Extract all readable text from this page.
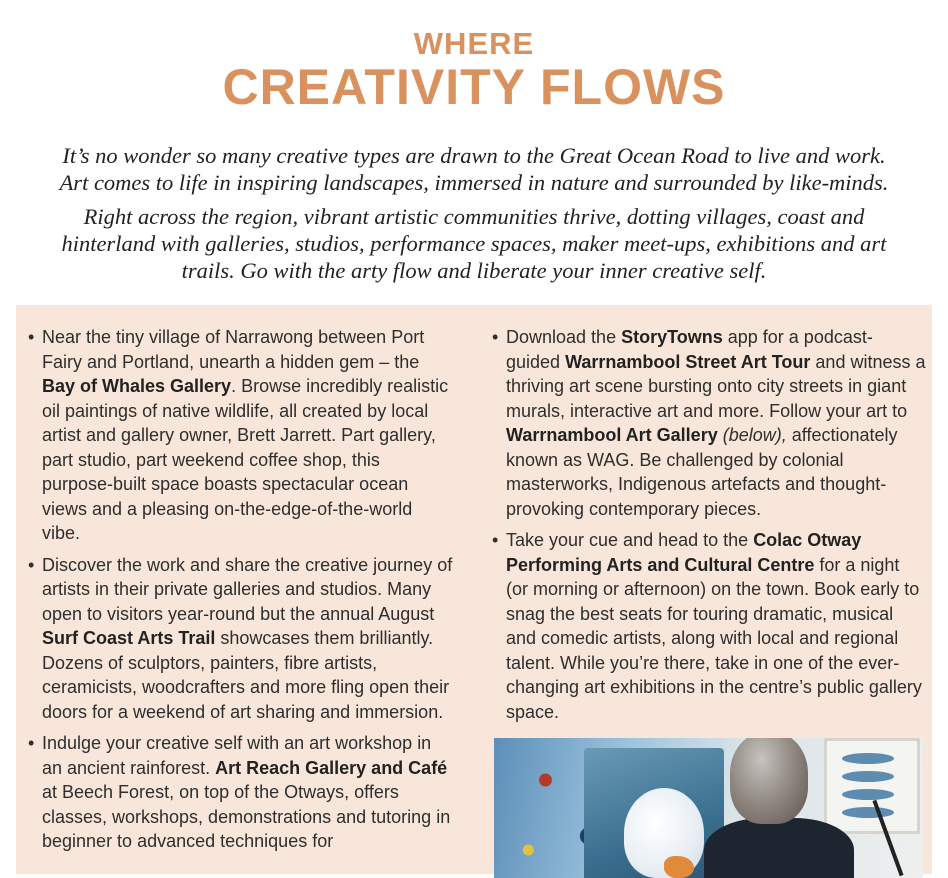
WHERE
CREATIVITY FLOWS

It’s no wonder so many creative types are drawn to the Great Ocean Road to live and work. Art comes to life in inspiring landscapes, immersed in nature and surrounded by like-minds.

Right across the region, vibrant artistic communities thrive, dotting villages, coast and hinterland with galleries, studios, performance spaces, maker meet-ups, exhibitions and art trails. Go with the arty flow and liberate your inner creative self.

• Near the tiny village of Narrawong between Port Fairy and Portland, unearth a hidden gem – the Bay of Whales Gallery. Browse incredibly realistic oil paintings of native wildlife, all created by local artist and gallery owner, Brett Jarrett. Part gallery, part studio, part weekend coffee shop, this purpose-built space boasts spectacular ocean views and a pleasing on-the-edge-of-the-world vibe.
• Discover the work and share the creative journey of artists in their private galleries and studios. Many open to visitors year-round but the annual August Surf Coast Arts Trail showcases them brilliantly. Dozens of sculptors, painters, fibre artists, ceramicists, woodcrafters and more fling open their doors for a weekend of art sharing and immersion.
• Indulge your creative self with an art workshop in an ancient rainforest. Art Reach Gallery and Café at Beech Forest, on top of the Otways, offers classes, workshops, demonstrations and tutoring in beginner to advanced techniques for
• Download the StoryTowns app for a podcast-guided Warrnambool Street Art Tour and witness a thriving art scene bursting onto city streets in giant murals, interactive art and more. Follow your art to Warrnambool Art Gallery (below), affectionately known as WAG. Be challenged by colonial masterworks, Indigenous artefacts and thought-provoking contemporary pieces.
• Take your cue and head to the Colac Otway Performing Arts and Cultural Centre for a night (or morning or afternoon) on the town. Book early to snag the best seats for touring dramatic, musical and comedic artists, along with local and regional talent. While you’re there, take in one of the ever-changing art exhibitions in the centre’s public gallery space.
